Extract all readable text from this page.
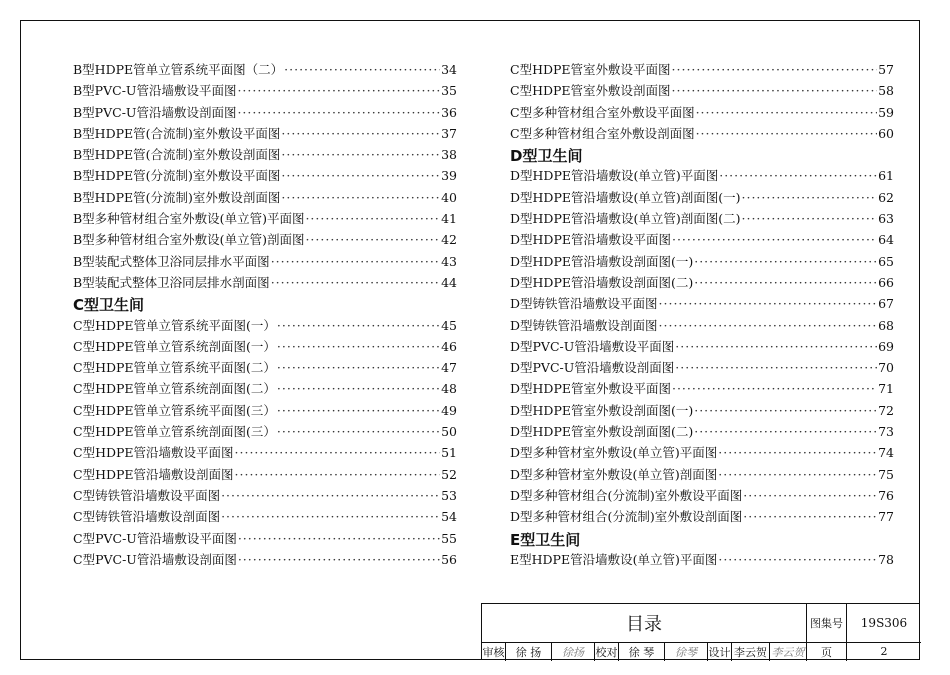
B型HDPE管单立管系统平面图（二） ·····	34
B型PVC-U管沿墙敷设平面图 ·····	35
B型PVC-U管沿墙敷设剖面图 ·····	36
B型HDPE管(合流制)室外敷设平面图 ·····	37
B型HDPE管(合流制)室外敷设剖面图 ·····	38
B型HDPE管(分流制)室外敷设平面图 ·····	39
B型HDPE管(分流制)室外敷设剖面图 ·····	40
B型多种管材组合室外敷设(单立管)平面图 ·····	41
B型多种管材组合室外敷设(单立管)剖面图 ·····	42
B型装配式整体卫浴同层排水平面图 ·····	43
B型装配式整体卫浴同层排水剖面图 ·····	44
C型卫生间
C型HDPE管单立管系统平面图(一） ·····	45
C型HDPE管单立管系统剖面图(一） ·····	46
C型HDPE管单立管系统平面图(二） ·····	47
C型HDPE管单立管系统剖面图(二） ·····	48
C型HDPE管单立管系统平面图(三） ·····	49
C型HDPE管单立管系统剖面图(三） ·····	50
C型HDPE管沿墙敷设平面图 ·····	51
C型HDPE管沿墙敷设剖面图 ·····	52
C型铸铁管沿墙敷设平面图 ·····	53
C型铸铁管沿墙敷设剖面图 ·····	54
C型PVC-U管沿墙敷设平面图 ·····	55
C型PVC-U管沿墙敷设剖面图 ·····	56
C型HDPE管室外敷设平面图 ·····	57
C型HDPE管室外敷设剖面图 ·····	58
C型多种管材组合室外敷设平面图 ·····	59
C型多种管材组合室外敷设剖面图 ·····	60
D型卫生间
D型HDPE管沿墙敷设(单立管)平面图 ·····	61
D型HDPE管沿墙敷设(单立管)剖面图(一) ·····	62
D型HDPE管沿墙敷设(单立管)剖面图(二) ·····	63
D型HDPE管沿墙敷设平面图 ·····	64
D型HDPE管沿墙敷设剖面图(一) ·····	65
D型HDPE管沿墙敷设剖面图(二) ·····	66
D型铸铁管沿墙敷设平面图 ·····	67
D型铸铁管沿墙敷设剖面图 ·····	68
D型PVC-U管沿墙敷设平面图 ·····	69
D型PVC-U管沿墙敷设剖面图 ·····	70
D型HDPE管室外敷设平面图 ·····	71
D型HDPE管室外敷设剖面图(一) ·····	72
D型HDPE管室外敷设剖面图(二) ·····	73
D型多种管材室外敷设(单立管)平面图 ·····	74
D型多种管材室外敷设(单立管)剖面图 ·····	75
D型多种管材组合(分流制)室外敷设平面图 ·····	76
D型多种管材组合(分流制)室外敷设剖面图 ·····	77
E型卫生间
E型HDPE管沿墙敷设(单立管)平面图 ·····	78
目录	图集号	19S306
审核	徐 扬	徐扬	校对	徐 琴	徐琴	设计 李云贺 李云贺	页	2
